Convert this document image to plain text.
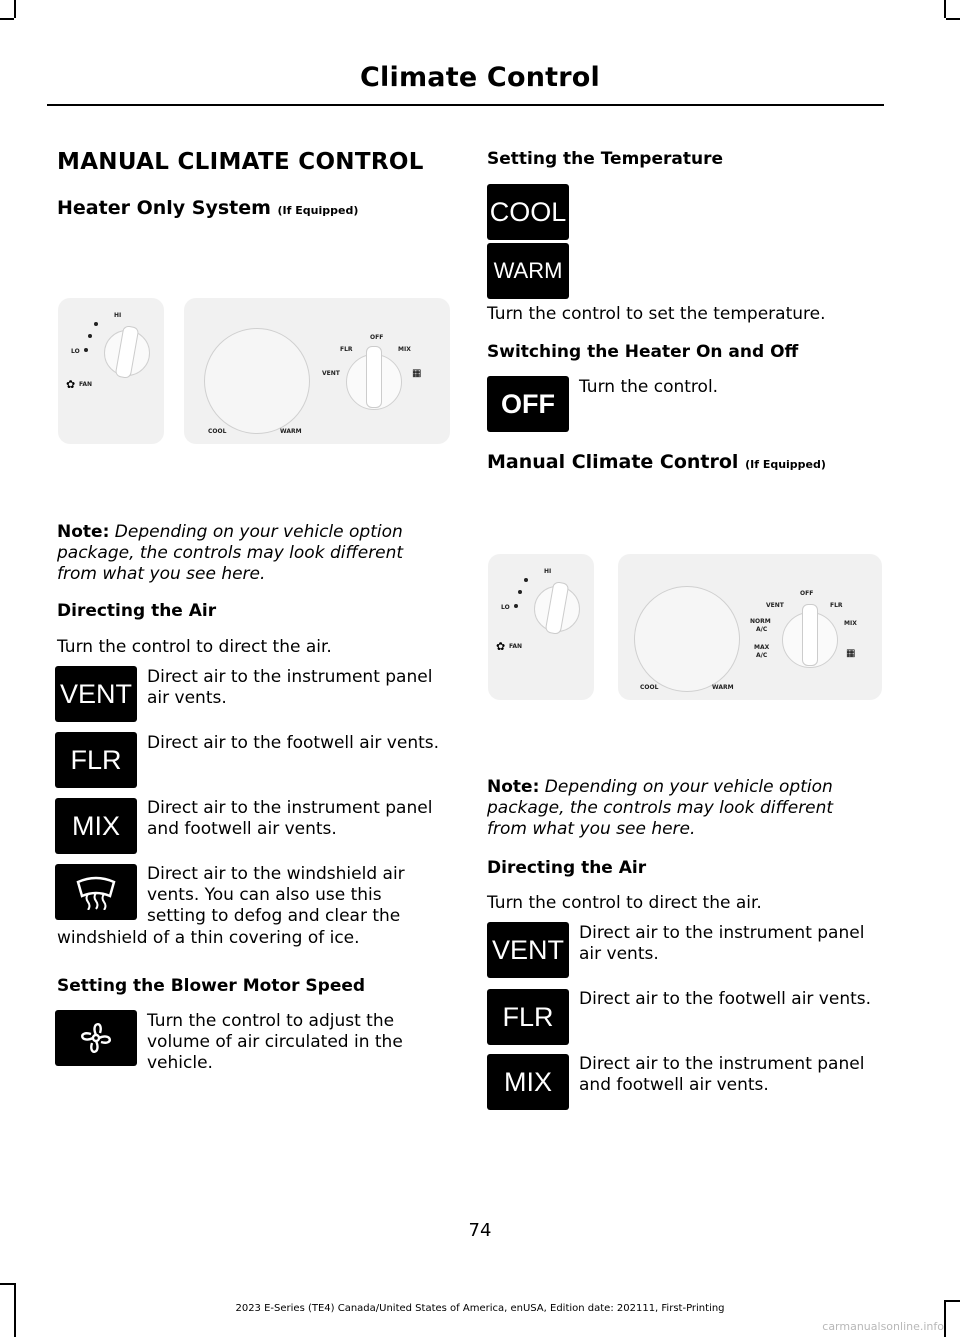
Climate Control
MANUAL CLIMATE CONTROL
Heater Only System (If Equipped)
HI
LO
✿ FAN
OFF
FLR	MIX
VENT	▦
COOL	WARM
Note: Depending on your vehicle option package, the controls may look different from what you see here.
Directing the Air
Turn the control to direct the air.
VENT
Direct air to the instrument panel air vents.
FLR
Direct air to the footwell air vents.
MIX
Direct air to the instrument panel and footwell air vents.
Direct air to the windshield air vents. You can also use this setting to defog and clear the
windshield of a thin covering of ice.
Setting the Blower Motor Speed
Turn the control to adjust the volume of air circulated in the vehicle.
Setting the Temperature
COOL
WARM
Turn the control to set the temperature.
Switching the Heater On and Off
OFF
Turn the control.
Manual Climate Control (If Equipped)
HI
LO
✿ FAN
OFF
VENT	FLR
NORM
A/C
MIX
MAX
A/C	▦
COOL	WARM
Note: Depending on your vehicle option package, the controls may look different from what you see here.
Directing the Air
Turn the control to direct the air.
VENT
Direct air to the instrument panel air vents.
FLR
Direct air to the footwell air vents.
MIX
Direct air to the instrument panel and footwell air vents.
74
2023 E-Series (TE4) Canada/United States of America, enUSA, Edition date: 202111, First-Printing
carmanualsonline.info
